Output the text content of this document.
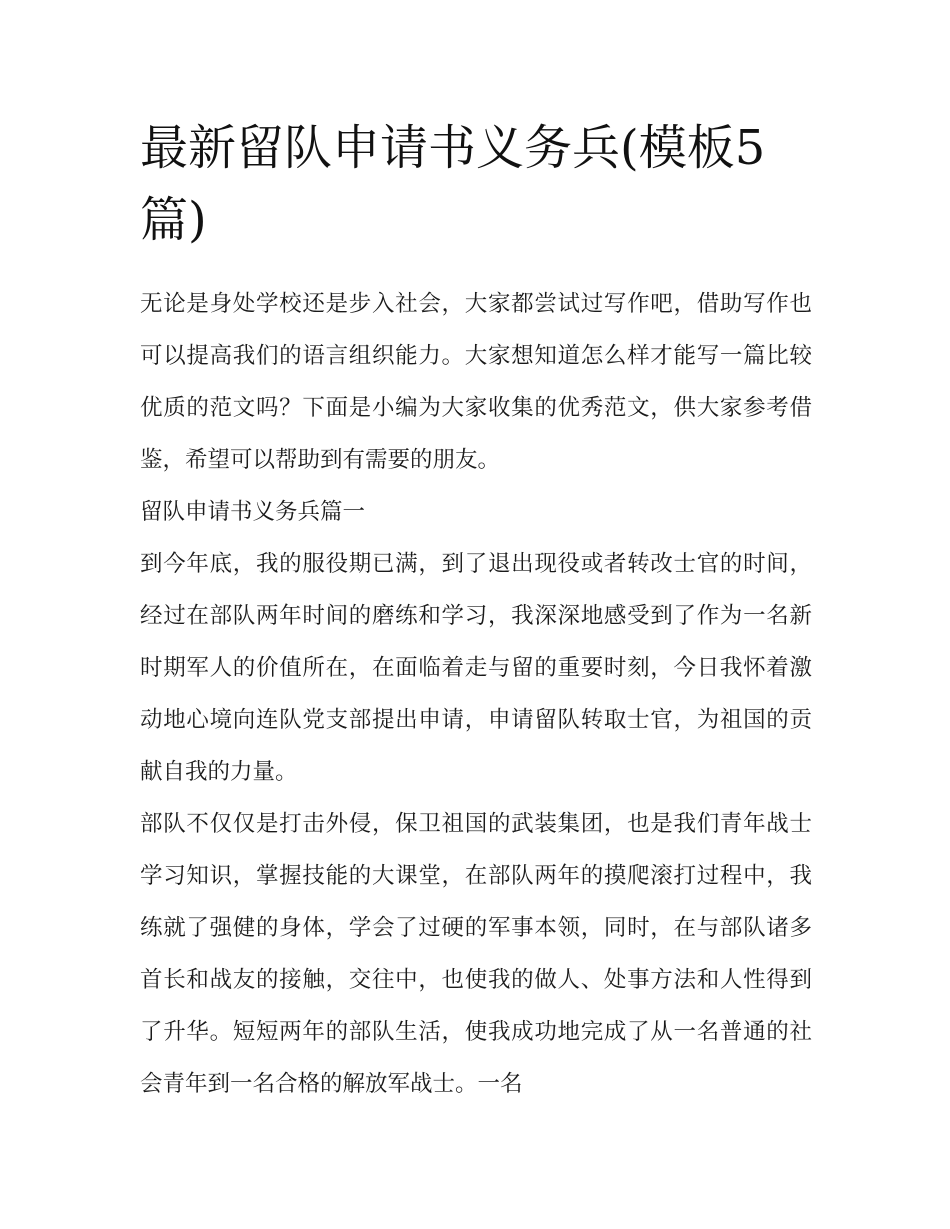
最新留队申请书义务兵(模板5篇)

无论是身处学校还是步入社会，大家都尝试过写作吧，借助写作也可以提高我们的语言组织能力。大家想知道怎么样才能写一篇比较优质的范文吗？下面是小编为大家收集的优秀范文，供大家参考借鉴，希望可以帮助到有需要的朋友。

留队申请书义务兵篇一

到今年底，我的服役期已满，到了退出现役或者转改士官的时间，经过在部队两年时间的磨练和学习，我深深地感受到了作为一名新时期军人的价值所在，在面临着走与留的重要时刻，今日我怀着激动地心境向连队党支部提出申请，申请留队转取士官，为祖国的贡献自我的力量。

部队不仅仅是打击外侵，保卫祖国的武装集团，也是我们青年战士学习知识，掌握技能的大课堂，在部队两年的摸爬滚打过程中，我练就了强健的身体，学会了过硬的军事本领，同时，在与部队诸多首长和战友的接触，交往中，也使我的做人、处事方法和人性得到了升华。短短两年的部队生活，使我成功地完成了从一名普通的社会青年到一名合格的解放军战士。一名
